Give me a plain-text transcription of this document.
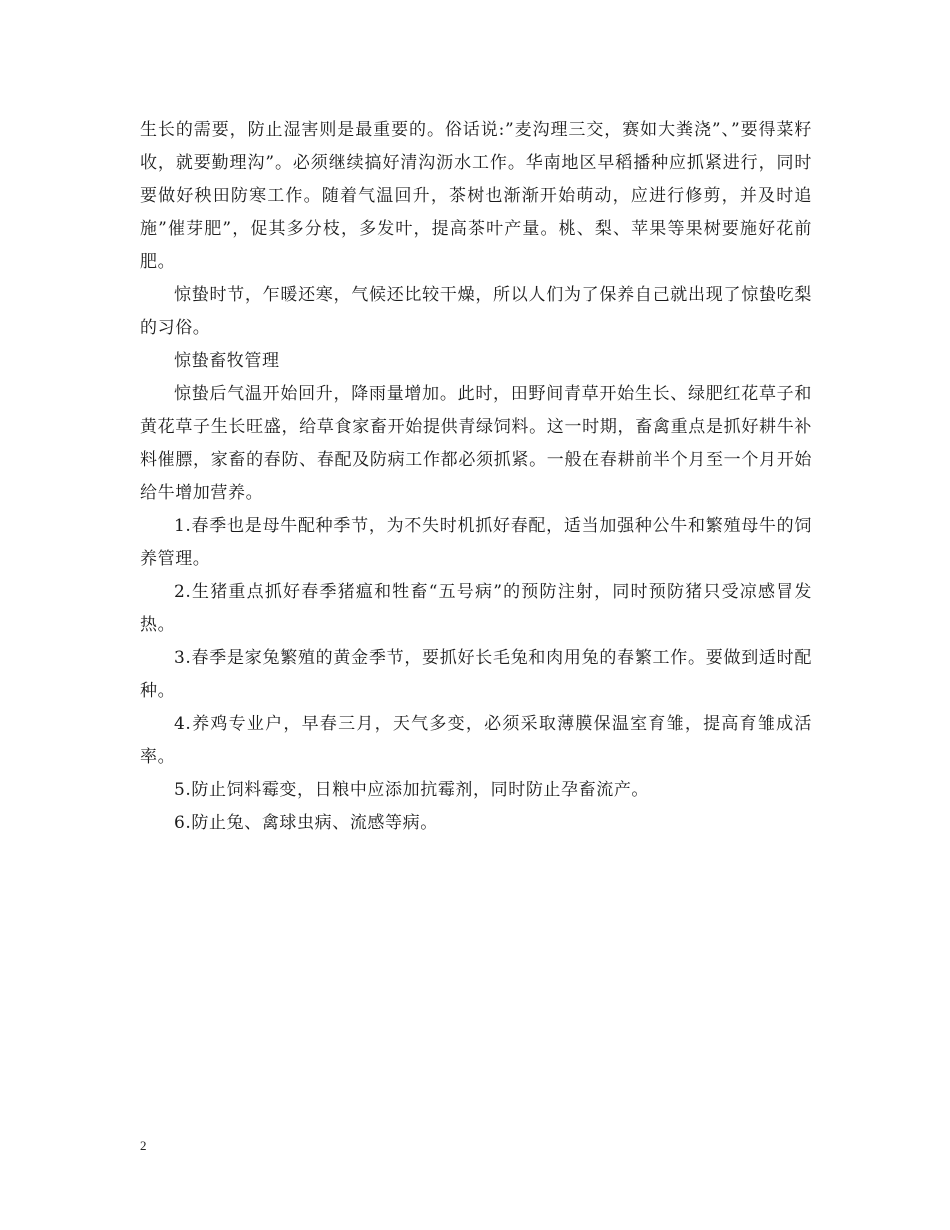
生长的需要，防止湿害则是最重要的。俗话说:”麦沟理三交，赛如大粪浇”、”要得菜籽收，就要勤理沟”。必须继续搞好清沟沥水工作。华南地区早稻播种应抓紧进行，同时要做好秧田防寒工作。随着气温回升，茶树也渐渐开始萌动，应进行修剪，并及时追施”催芽肥”，促其多分枝，多发叶，提高茶叶产量。桃、梨、苹果等果树要施好花前肥。

惊蛰时节，乍暖还寒，气候还比较干燥，所以人们为了保养自己就出现了惊蛰吃梨的习俗。

惊蛰畜牧管理

惊蛰后气温开始回升，降雨量增加。此时，田野间青草开始生长、绿肥红花草子和黄花草子生长旺盛，给草食家畜开始提供青绿饲料。这一时期，畜禽重点是抓好耕牛补料催膘，家畜的春防、春配及防病工作都必须抓紧。一般在春耕前半个月至一个月开始给牛增加营养。

1.春季也是母牛配种季节，为不失时机抓好春配，适当加强种公牛和繁殖母牛的饲养管理。

2.生猪重点抓好春季猪瘟和牲畜“五号病”的预防注射，同时预防猪只受凉感冒发热。

3.春季是家兔繁殖的黄金季节，要抓好长毛兔和肉用兔的春繁工作。要做到适时配种。

4.养鸡专业户，早春三月，天气多变，必须采取薄膜保温室育雏，提高育雏成活率。

5.防止饲料霉变，日粮中应添加抗霉剂，同时防止孕畜流产。

6.防止兔、禽球虫病、流感等病。

2
